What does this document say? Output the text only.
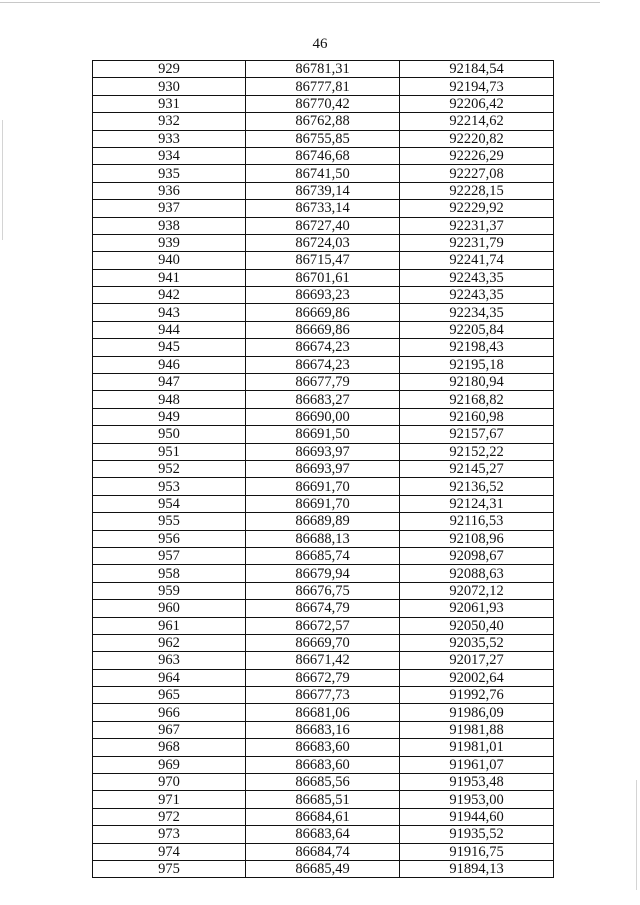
46
929	86781,31	92184,54
930	86777,81	92194,73
931	86770,42	92206,42
932	86762,88	92214,62
933	86755,85	92220,82
934	86746,68	92226,29
935	86741,50	92227,08
936	86739,14	92228,15
937	86733,14	92229,92
938	86727,40	92231,37
939	86724,03	92231,79
940	86715,47	92241,74
941	86701,61	92243,35
942	86693,23	92243,35
943	86669,86	92234,35
944	86669,86	92205,84
945	86674,23	92198,43
946	86674,23	92195,18
947	86677,79	92180,94
948	86683,27	92168,82
949	86690,00	92160,98
950	86691,50	92157,67
951	86693,97	92152,22
952	86693,97	92145,27
953	86691,70	92136,52
954	86691,70	92124,31
955	86689,89	92116,53
956	86688,13	92108,96
957	86685,74	92098,67
958	86679,94	92088,63
959	86676,75	92072,12
960	86674,79	92061,93
961	86672,57	92050,40
962	86669,70	92035,52
963	86671,42	92017,27
964	86672,79	92002,64
965	86677,73	91992,76
966	86681,06	91986,09
967	86683,16	91981,88
968	86683,60	91981,01
969	86683,60	91961,07
970	86685,56	91953,48
971	86685,51	91953,00
972	86684,61	91944,60
973	86683,64	91935,52
974	86684,74	91916,75
975	86685,49	91894,13
